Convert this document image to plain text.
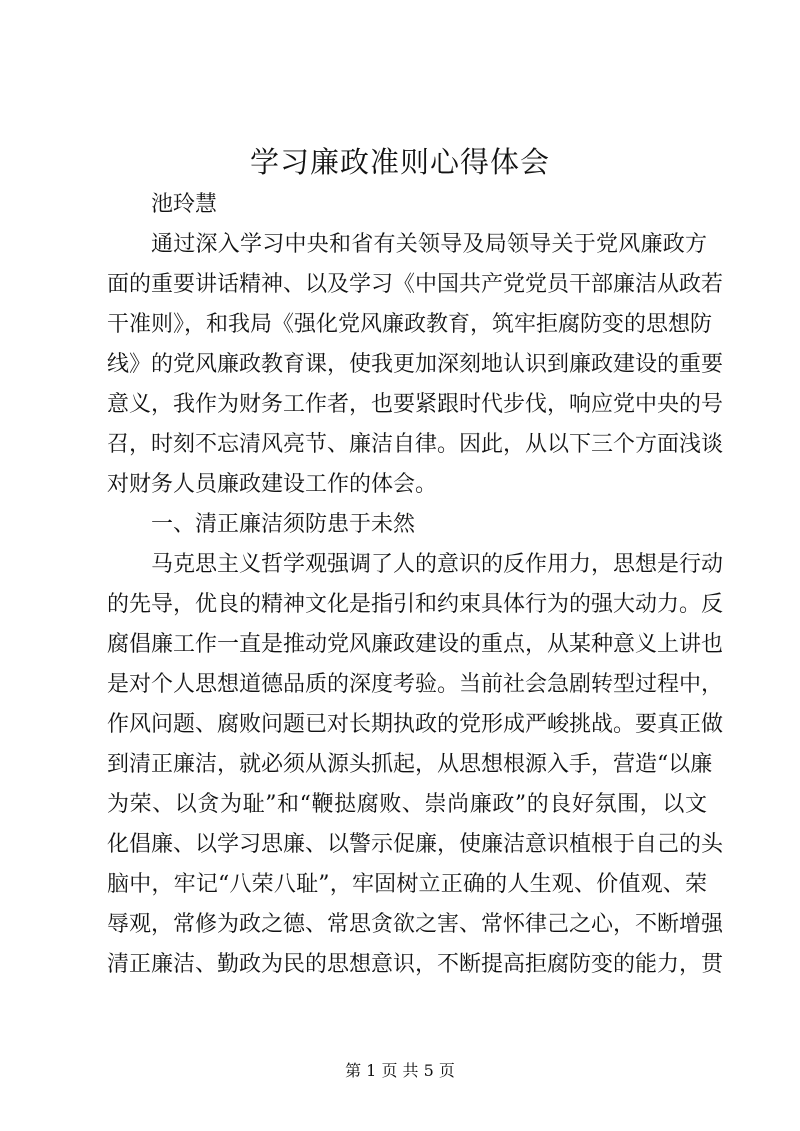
学习廉政准则心得体会
池玲慧
通过深入学习中央和省有关领导及局领导关于党风廉政方
面的重要讲话精神、以及学习《中国共产党党员干部廉洁从政若
干准则》，和我局《强化党风廉政教育，筑牢拒腐防变的思想防
线》的党风廉政教育课，使我更加深刻地认识到廉政建设的重要
意义，我作为财务工作者，也要紧跟时代步伐，响应党中央的号
召，时刻不忘清风亮节、廉洁自律。因此，从以下三个方面浅谈
对财务人员廉政建设工作的体会。
一、清正廉洁须防患于未然
马克思主义哲学观强调了人的意识的反作用力，思想是行动
的先导，优良的精神文化是指引和约束具体行为的强大动力。反
腐倡廉工作一直是推动党风廉政建设的重点，从某种意义上讲也
是对个人思想道德品质的深度考验。当前社会急剧转型过程中，
作风问题、腐败问题已对长期执政的党形成严峻挑战。要真正做
到清正廉洁，就必须从源头抓起，从思想根源入手，营造“以廉
为荣、以贪为耻”和“鞭挞腐败、崇尚廉政”的良好氛围，以文
化倡廉、以学习思廉、以警示促廉，使廉洁意识植根于自己的头
脑中，牢记“八荣八耻”，牢固树立正确的人生观、价值观、荣
辱观，常修为政之德、常思贪欲之害、常怀律己之心，不断增强
清正廉洁、勤政为民的思想意识，不断提高拒腐防变的能力，贯
第 1 页 共 5 页
